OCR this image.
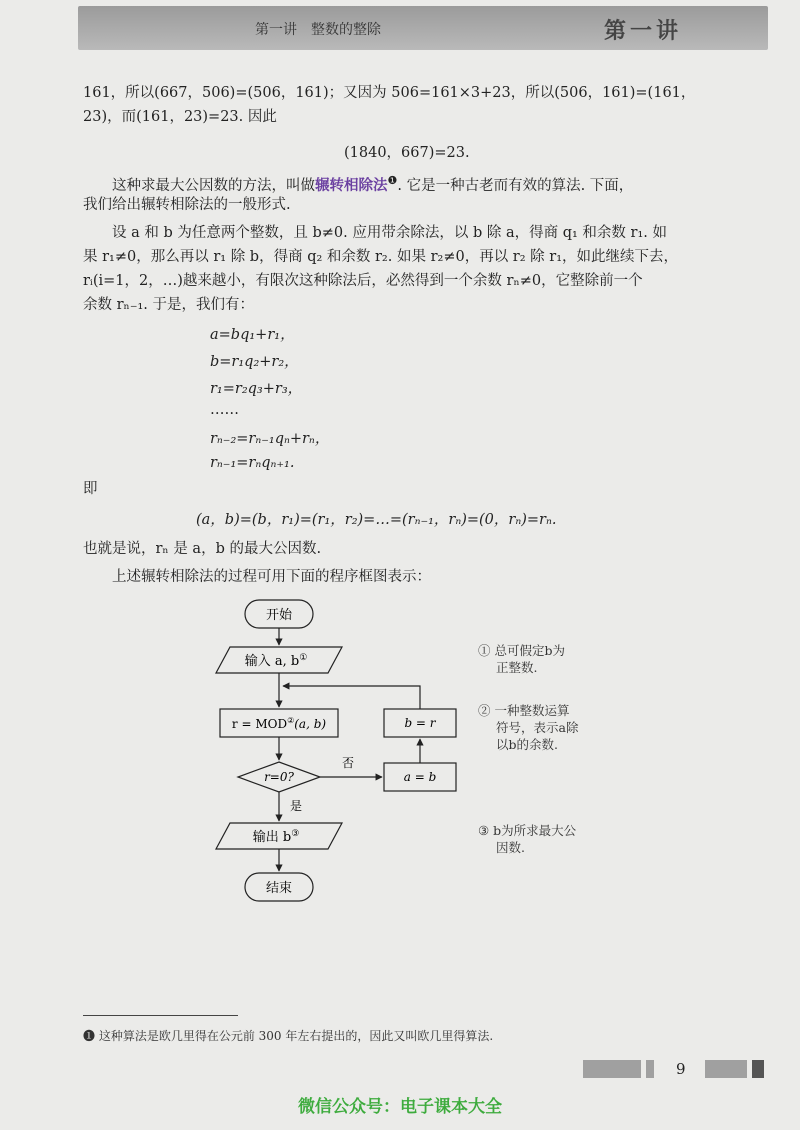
第一讲　整数的整除	第一讲
161，所以(667，506)=(506，161)；又因为 506=161×3+23，所以(506，161)=(161，
23)，而(161，23)=23. 因此
(1840，667)=23.
这种求最大公因数的方法，叫做辗转相除法$^❶$. 它是一种古老而有效的算法. 下面，
我们给出辗转相除法的一般形式.
设 a 和 b 为任意两个整数，且 b≠0. 应用带余除法，以 b 除 a，得商 q₁ 和余数 r₁. 如
果 r₁≠0，那么再以 r₁ 除 b，得商 q₂ 和余数 r₂. 如果 r₂≠0，再以 r₂ 除 r₁，如此继续下去，
rᵢ(i=1，2，…)越来越小，有限次这种除法后，必然得到一个余数 rₙ≠0，它整除前一个
余数 rₙ₋₁. 于是，我们有：
a=bq₁+r₁，
b=r₁q₂+r₂，
r₁=r₂q₃+r₃，
……
rₙ₋₂=rₙ₋₁qₙ+rₙ，
rₙ₋₁=rₙqₙ₊₁.
即
(a，b)=(b，r₁)=(r₁，r₂)=…=(rₙ₋₁，rₙ)=(0，rₙ)=rₙ.
也就是说，rₙ 是 a，b 的最大公因数.
上述辗转相除法的过程可用下面的程序框图表示：
开始
输入 a, b①
r = MOD②(a, b)
r=0?
否
a = b
b = r
是
输出 b③
结束
① 总可假定b为
正整数.
② 一种整数运算
符号，表示a除
以b的余数.
③ b为所求最大公
因数.
❶ 这种算法是欧几里得在公元前 300 年左右提出的，因此又叫欧几里得算法.
9
微信公众号：电子课本大全
